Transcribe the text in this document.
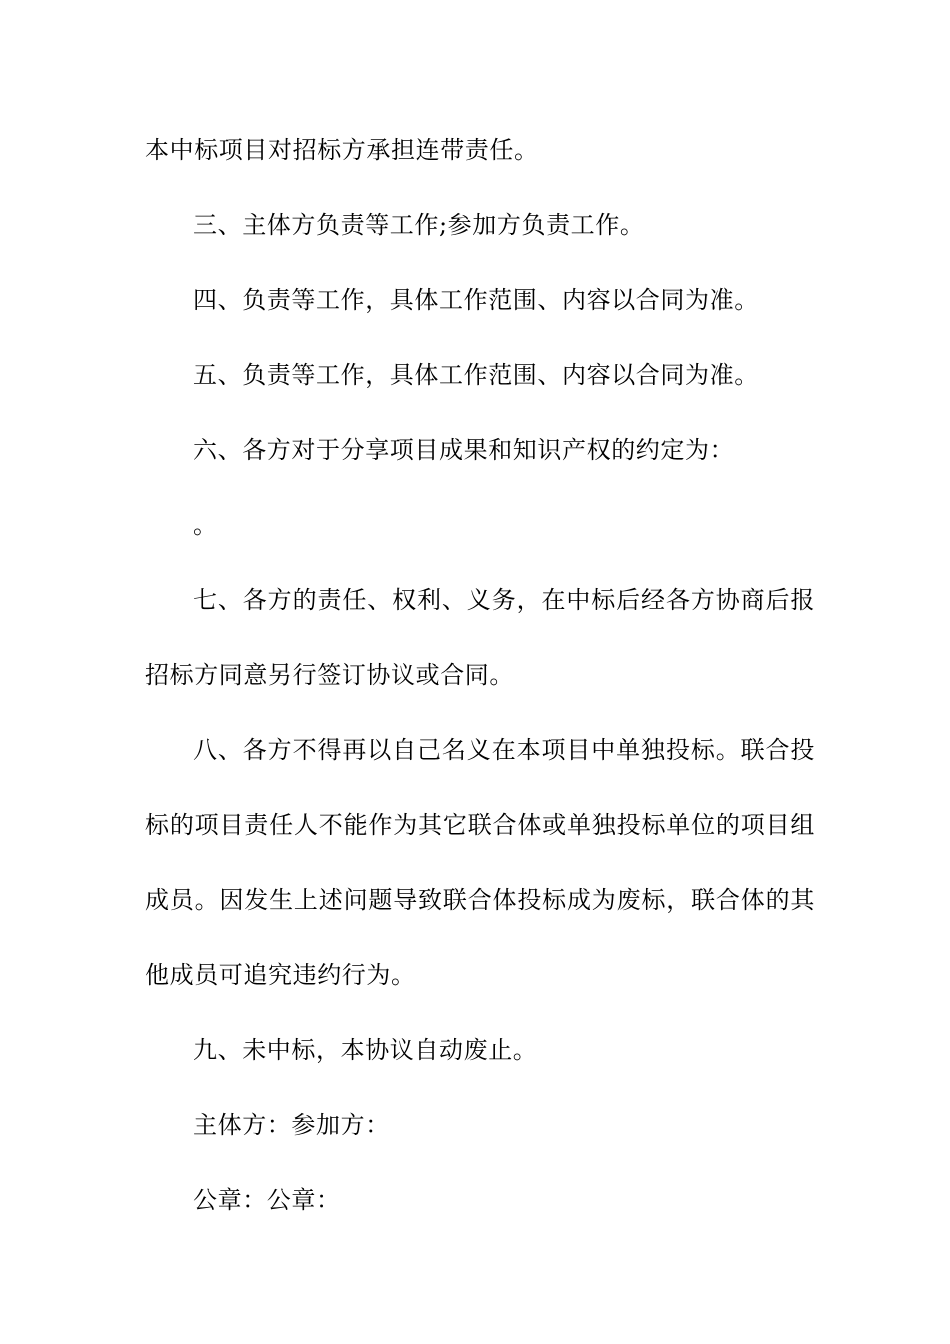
本中标项目对招标方承担连带责任。
三、主体方负责等工作;参加方负责工作。
四、负责等工作，具体工作范围、内容以合同为准。
五、负责等工作，具体工作范围、内容以合同为准。
六、各方对于分享项目成果和知识产权的约定为：
。
七、各方的责任、权利、义务，在中标后经各方协商后报
招标方同意另行签订协议或合同。
八、各方不得再以自己名义在本项目中单独投标。联合投
标的项目责任人不能作为其它联合体或单独投标单位的项目组
成员。因发生上述问题导致联合体投标成为废标，联合体的其
他成员可追究违约行为。
九、未中标，本协议自动废止。
主体方：参加方：
公章：公章：
